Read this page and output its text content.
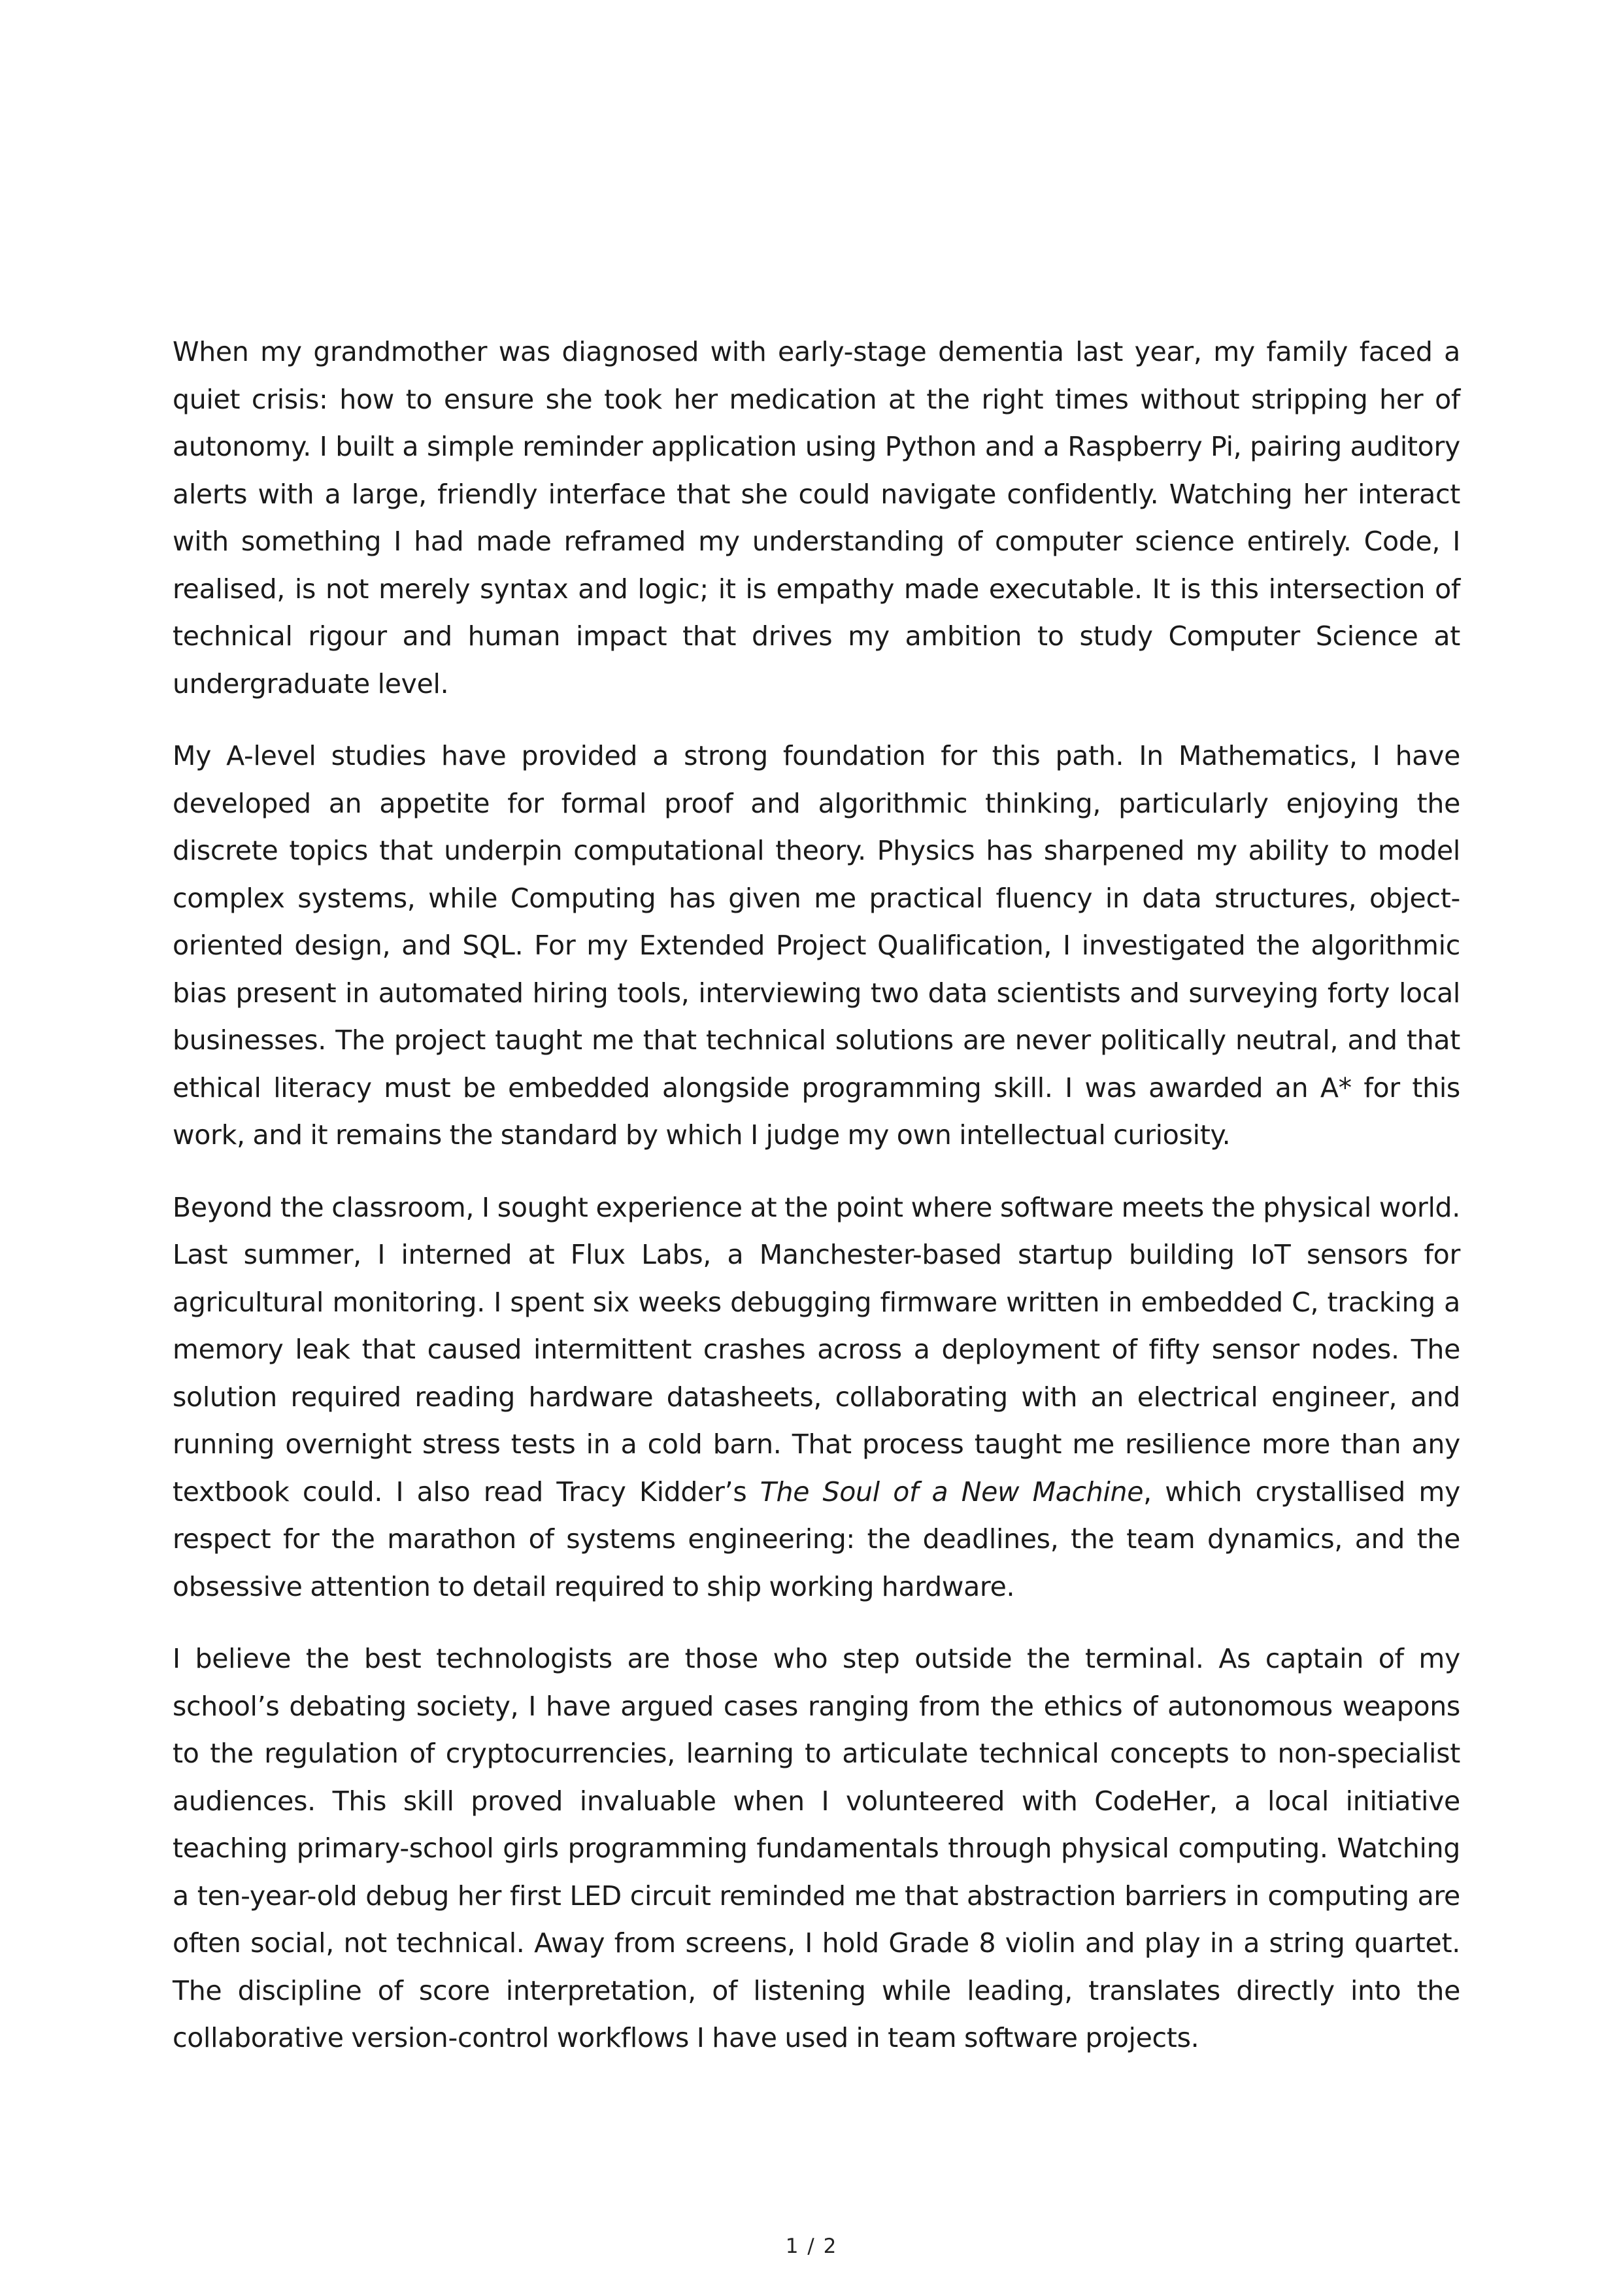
When my grandmother was diagnosed with early-stage dementia last year, my family faced a quiet crisis: how to ensure she took her medication at the right times without stripping her of autonomy. I built a simple reminder application using Python and a Raspberry Pi, pairing auditory alerts with a large, friendly interface that she could navigate confidently. Watching her interact with something I had made reframed my understanding of computer science entirely. Code, I realised, is not merely syntax and logic; it is empathy made executable. It is this intersection of technical rigour and human impact that drives my ambition to study Computer Science at undergraduate level.

My A-level studies have provided a strong foundation for this path. In Mathematics, I have developed an appetite for formal proof and algorithmic thinking, particularly enjoying the discrete topics that underpin computational theory. Physics has sharpened my ability to model complex systems, while Computing has given me practical fluency in data structures, object-oriented design, and SQL. For my Extended Project Qualification, I investigated the algorithmic bias present in automated hiring tools, interviewing two data scientists and surveying forty local businesses. The project taught me that technical solutions are never politically neutral, and that ethical literacy must be embedded alongside programming skill. I was awarded an A* for this work, and it remains the standard by which I judge my own intellectual curiosity.

Beyond the classroom, I sought experience at the point where software meets the physical world. Last summer, I interned at Flux Labs, a Manchester-based startup building IoT sensors for agricultural monitoring. I spent six weeks debugging firmware written in embedded C, tracking a memory leak that caused intermittent crashes across a deployment of fifty sensor nodes. The solution required reading hardware datasheets, collaborating with an electrical engineer, and running overnight stress tests in a cold barn. That process taught me resilience more than any textbook could. I also read Tracy Kidder’s The Soul of a New Machine, which crystallised my respect for the marathon of systems engineering: the deadlines, the team dynamics, and the obsessive attention to detail required to ship working hardware.

I believe the best technologists are those who step outside the terminal. As captain of my school’s debating society, I have argued cases ranging from the ethics of autonomous weapons to the regulation of cryptocurrencies, learning to articulate technical concepts to non-specialist audiences. This skill proved invaluable when I volunteered with CodeHer, a local initiative teaching primary-school girls programming fundamentals through physical computing. Watching a ten-year-old debug her first LED circuit reminded me that abstraction barriers in computing are often social, not technical. Away from screens, I hold Grade 8 violin and play in a string quartet. The discipline of score interpretation, of listening while leading, translates directly into the collaborative version-control workflows I have used in team software projects.

1 / 2
